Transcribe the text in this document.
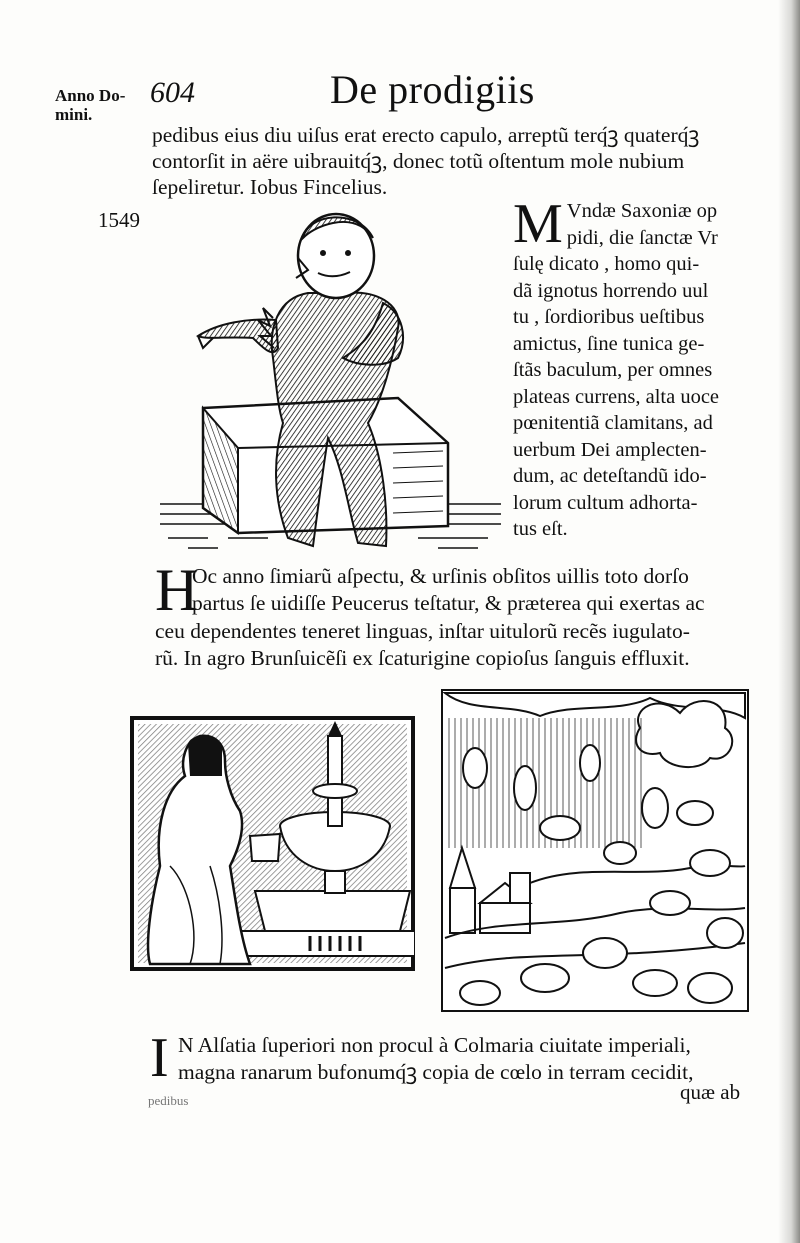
Anno Do-
mini.
604	De prodigiis
pedibus eius diu uiſus erat erecto capulo, arreptũ terq́ꝫ quaterq́ꝫ
contorſit in aëre uibrauitq́ꝫ, donec totũ oſtentum mole nubium
ſepeliretur. Iobus Fincelius.
1549	M Vndæ Saxoniæ op
pidi, die ſanctæ Vr
ſulę dicato , homo qui-
dã ignotus horrendo uul
tu , ſordioribus ueſtibus
amictus, ſine tunica ge-
ſtãs baculum, per omnes
plateas currens, alta uoce
pœnitentiã clamitans, ad
uerbum Dei amplecten-
dum, ac deteſtandũ ido-
lorum cultum adhorta-
tus eſt.
H
Oc anno ſimiarũ aſpectu, & urſinis obſitos uillis toto dorſo
partus ſe uidiſſe Peucerus teſtatur, & præterea qui exertas ac
ceu dependentes teneret linguas, inſtar uitulorũ recẽs iugulato-
rũ. In agro Brunſuicẽſi ex ſcaturigine copioſus ſanguis effluxit.
I N Alſatia ſuperiori non procul à Colmaria ciuitate imperiali,
magna ranarum bufonumq́ꝫ copia de cœlo in terram cecidit,
quæ ab
pedibus
